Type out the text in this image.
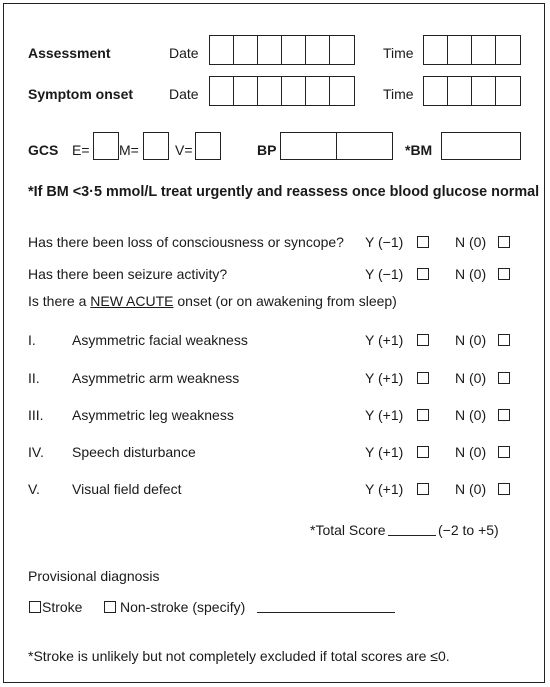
Assessment	Date	Time
Symptom onset	Date	Time
GCS E= M=	V=	BP	*BM
*If BM <3·5 mmol/L treat urgently and reassess once blood glucose normal
Has there been loss of consciousness or syncope? Y (−1)	N (0)
Has there been seizure activity?	Y (−1)	N (0)
Is there a NEW ACUTE onset (or on awakening from sleep)
I.	Asymmetric facial weakness	Y (+1)	N (0)
II. Asymmetric arm weakness	Y (+1)	N (0)
III. Asymmetric leg weakness	Y (+1)	N (0)
IV. Speech disturbance	Y (+1)	N (0)
V. Visual field defect	Y (+1)	N (0)
*Total Score	(−2 to +5)
Provisional diagnosis
Stroke	Non-stroke (specify)
*Stroke is unlikely but not completely excluded if total scores are ≤0.
